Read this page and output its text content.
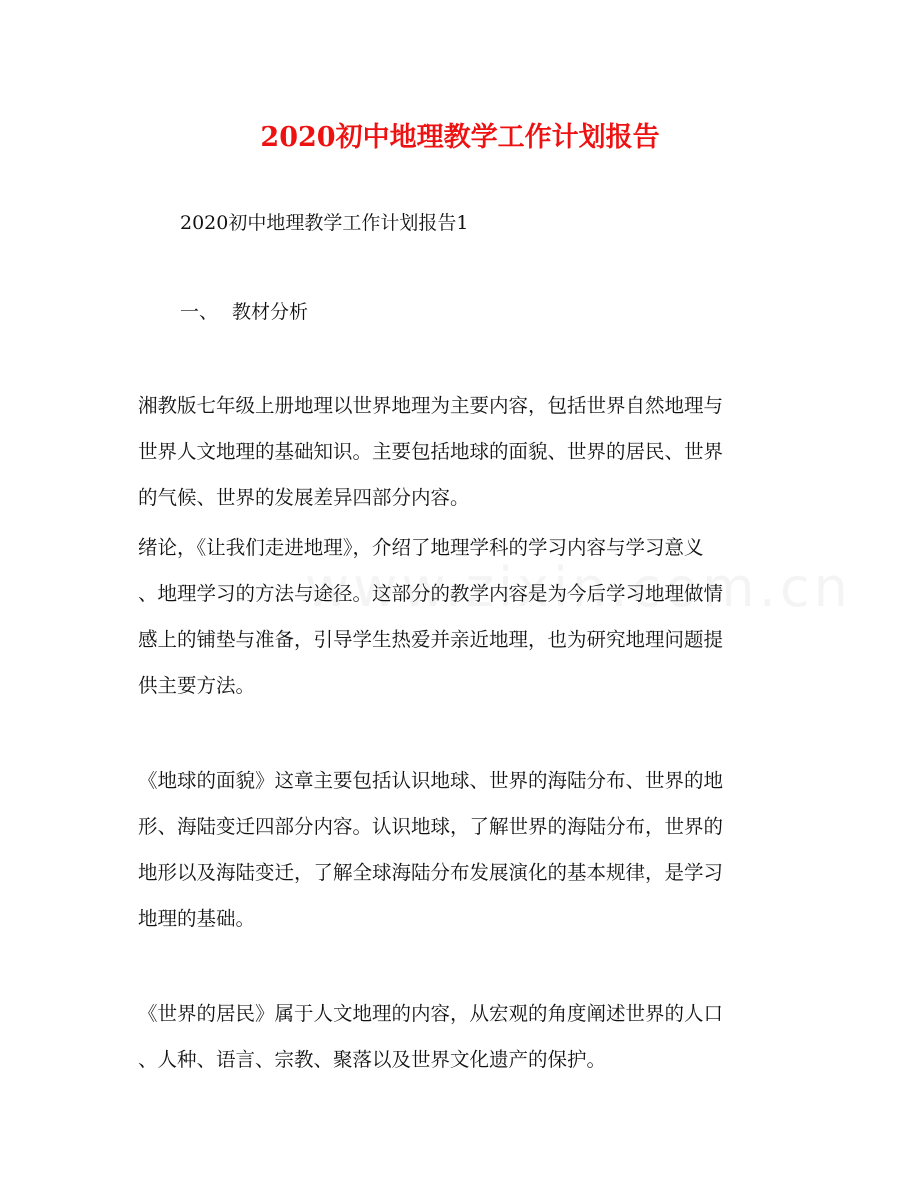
2020初中地理教学工作计划报告
2020初中地理教学工作计划报告1
一、 教材分析
湘教版七年级上册地理以世界地理为主要内容，包括世界自然地理与
世界人文地理的基础知识。主要包括地球的面貌、世界的居民、世界
的气候、世界的发展差异四部分内容。
绪论，《让我们走进地理》，介绍了地理学科的学习内容与学习意义
、地理学习的方法与途径。这部分的教学内容是为今后学习地理做情
感上的铺垫与准备，引导学生热爱并亲近地理，也为研究地理问题提
供主要方法。
《地球的面貌》这章主要包括认识地球、世界的海陆分布、世界的地
形、海陆变迁四部分内容。认识地球，了解世界的海陆分布，世界的
地形以及海陆变迁，了解全球海陆分布发展演化的基本规律，是学习
地理的基础。
《世界的居民》属于人文地理的内容，从宏观的角度阐述世界的人口
、人种、语言、宗教、聚落以及世界文化遗产的保护。
